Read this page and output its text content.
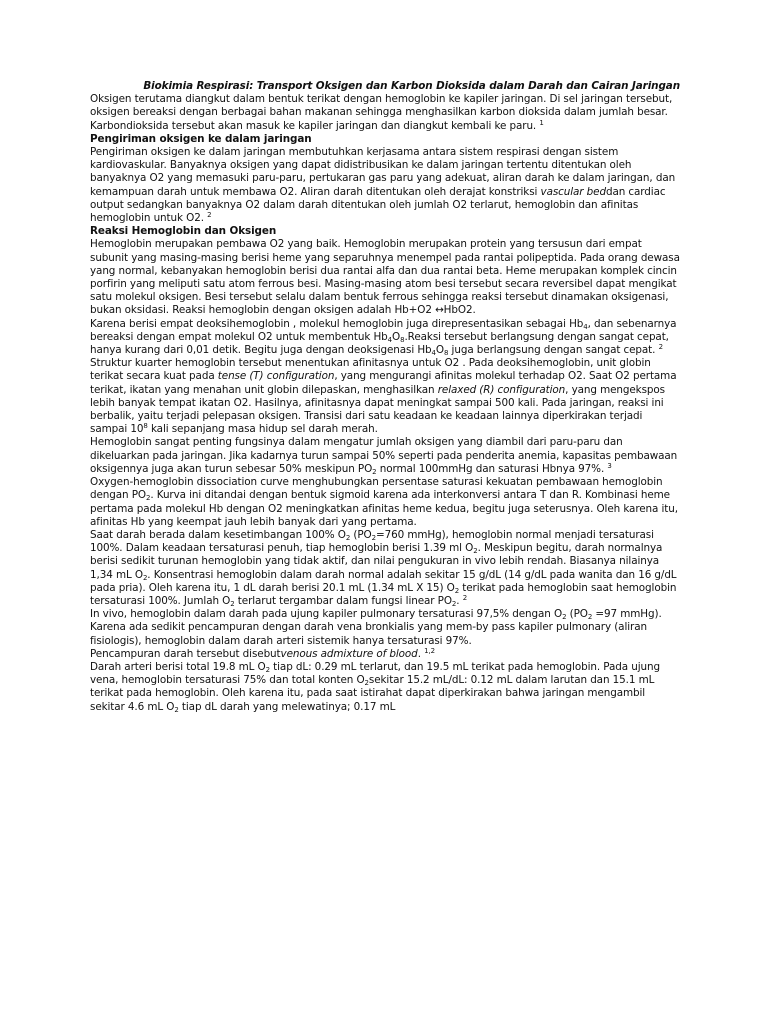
Biokimia Respirasi: Transport Oksigen dan Karbon Dioksida dalam Darah dan Cairan Jaringan

Oksigen terutama diangkut dalam bentuk terikat dengan hemoglobin ke kapiler jaringan. Di sel jaringan tersebut, oksigen bereaksi dengan berbagai bahan makanan sehingga menghasilkan karbon dioksida dalam jumlah besar. Karbondioksida tersebut akan masuk ke kapiler jaringan dan diangkut kembali ke paru. $^1$

Pengiriman oksigen ke dalam jaringan

Pengiriman oksigen ke dalam jaringan membutuhkan kerjasama antara sistem respirasi dengan sistem kardiovaskular. Banyaknya oksigen yang dapat didistribusikan ke dalam jaringan tertentu ditentukan oleh banyaknya O2 yang memasuki paru-paru, pertukaran gas paru yang adekuat, aliran darah ke dalam jaringan, dan kemampuan darah untuk membawa O2. Aliran darah ditentukan oleh derajat konstriksi vascular beddan cardiac output sedangkan banyaknya O2 dalam darah ditentukan oleh jumlah O2 terlarut, hemoglobin dan afinitas hemoglobin untuk O2. $^2$

Reaksi Hemoglobin dan Oksigen

Hemoglobin merupakan pembawa O2 yang baik. Hemoglobin merupakan protein yang tersusun dari empat subunit yang masing-masing berisi heme yang separuhnya menempel pada rantai polipeptida. Pada orang dewasa yang normal, kebanyakan hemoglobin berisi dua rantai alfa dan dua rantai beta. Heme merupakan komplek cincin porfirin yang meliputi satu atom ferrous besi. Masing-masing atom besi tersebut secara reversibel dapat mengikat satu molekul oksigen. Besi tersebut selalu dalam bentuk ferrous sehingga reaksi tersebut dinamakan oksigenasi, bukan oksidasi. Reaksi hemoglobin dengan oksigen adalah Hb+O2 ↔HbO2.

Karena berisi empat deoksihemoglobin , molekul hemoglobin juga direpresentasikan sebagai $Hb_4$, dan sebenarnya bereaksi dengan empat molekul O2 untuk membentuk $Hb_4O_8.Reaksi$ tersebut berlangsung dengan sangat cepat, hanya kurang dari 0,01 detik. Begitu juga dengan deoksigenasi $Hb_4O_8$ juga berlangsung dengan sangat cepat. $^2$

Struktur kuarter hemoglobin tersebut menentukan afinitasnya untuk O2 . Pada deoksihemoglobin, unit globin terikat secara kuat pada tense (T) configuration, yang mengurangi afinitas molekul terhadap O2. Saat O2 pertama terikat, ikatan yang menahan unit globin dilepaskan, menghasilkan relaxed (R) configuration, yang mengekspos lebih banyak tempat ikatan O2. Hasilnya, afinitasnya dapat meningkat sampai 500 kali. Pada jaringan, reaksi ini berbalik, yaitu terjadi pelepasan oksigen. Transisi dari satu keadaan ke keadaan lainnya diperkirakan terjadi sampai $10^8$ kali sepanjang masa hidup sel darah merah.

Hemoglobin sangat penting fungsinya dalam mengatur jumlah oksigen yang diambil dari paru-paru dan dikeluarkan pada jaringan. Jika kadarnya turun sampai 50% seperti pada penderita anemia, kapasitas pembawaan oksigennya juga akan turun sebesar 50% meskipun $PO_2$ normal 100mmHg dan saturasi Hbnya 97%. $^3$

Oxygen-hemoglobin dissociation curve menghubungkan persentase saturasi kekuatan pembawaan hemoglobin dengan $PO_2$. Kurva ini ditandai dengan bentuk sigmoid karena ada interkonversi antara T dan R. Kombinasi heme pertama pada molekul Hb dengan O2 meningkatkan afinitas heme kedua, begitu juga seterusnya. Oleh karena itu, afinitas Hb yang keempat jauh lebih banyak dari yang pertama.

Saat darah berada dalam kesetimbangan 100% $O_2$ ($PO_2=760$ mmHg), hemoglobin normal menjadi tersaturasi 100%. Dalam keadaan tersaturasi penuh, tiap hemoglobin berisi 1.39 ml $O_2$. Meskipun begitu, darah normalnya berisi sedikit turunan hemoglobin yang tidak aktif, dan nilai pengukuran in vivo lebih rendah. Biasanya nilainya 1,34 mL $O_2$. Konsentrasi hemoglobin dalam darah normal adalah sekitar 15 g/dL (14 g/dL pada wanita dan 16 g/dL pada pria). Oleh karena itu, 1 dL darah berisi 20.1 mL (1.34 mL X 15) $O_2$ terikat pada hemoglobin saat hemoglobin tersaturasi 100%. Jumlah $O_2$ terlarut tergambar dalam fungsi linear $PO_2$. $^2$

In vivo, hemoglobin dalam darah pada ujung kapiler pulmonary tersaturasi 97,5% dengan $O_2$ ($PO_2 =97$ mmHg). Karena ada sedikit pencampuran dengan darah vena bronkialis yang mem-by pass kapiler pulmonary (aliran fisiologis), hemoglobin dalam darah arteri sistemik hanya tersaturasi 97%.

Pencampuran darah tersebut disebutvenous admixture of blood. $^{1,2}$

Darah arteri berisi total 19.8 mL $O_2$ tiap dL: 0.29 mL terlarut, dan 19.5 mL terikat pada hemoglobin. Pada ujung vena, hemoglobin tersaturasi 75% dan total konten $O_2sekitar$ 15.2 mL/dL: 0.12 mL dalam larutan dan 15.1 mL terikat pada hemoglobin. Oleh karena itu, pada saat istirahat dapat diperkirakan bahwa jaringan mengambil sekitar 4.6 mL $O_2$ tiap dL darah yang melewatinya; 0.17 mL
